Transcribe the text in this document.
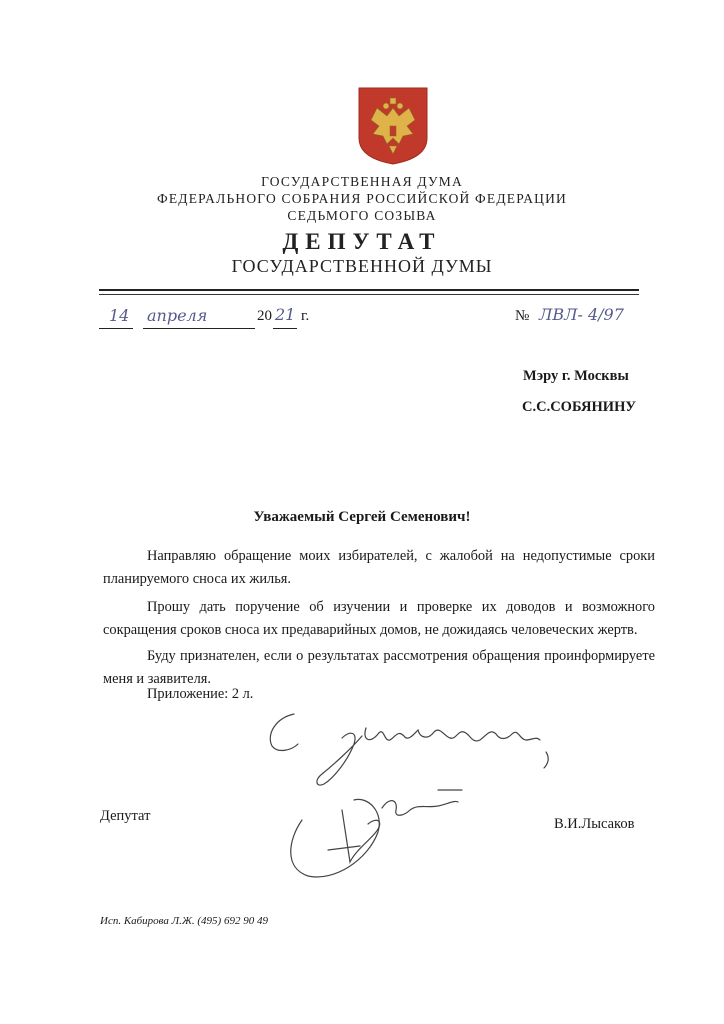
ГОСУДАРСТВЕННАЯ ДУМА
ФЕДЕРАЛЬНОГО СОБРАНИЯ РОССИЙСКОЙ ФЕДЕРАЦИИ
СЕДЬМОГО СОЗЫВА
ДЕПУТАТ
ГОСУДАРСТВЕННОЙ ДУМЫ
14 апреля	20 21 г.	№ ЛВЛ- 4/97
Мэру г. Москвы
С.С.СОБЯНИНУ
Уважаемый Сергей Семенович!
Направляю обращение моих избирателей, с жалобой на недопустимые сроки планируемого сноса их жилья.
Прошу дать поручение об изучении и проверке их доводов и возможного сокращения сроков сноса их предаварийных домов, не дожидаясь человеческих жертв.
Буду признателен, если о результатах рассмотрения обращения проинформируете меня и заявителя.
Приложение: 2 л.
Депутат	В.И.Лысаков
Исп. Кабирова Л.Ж. (495) 692 90 49
